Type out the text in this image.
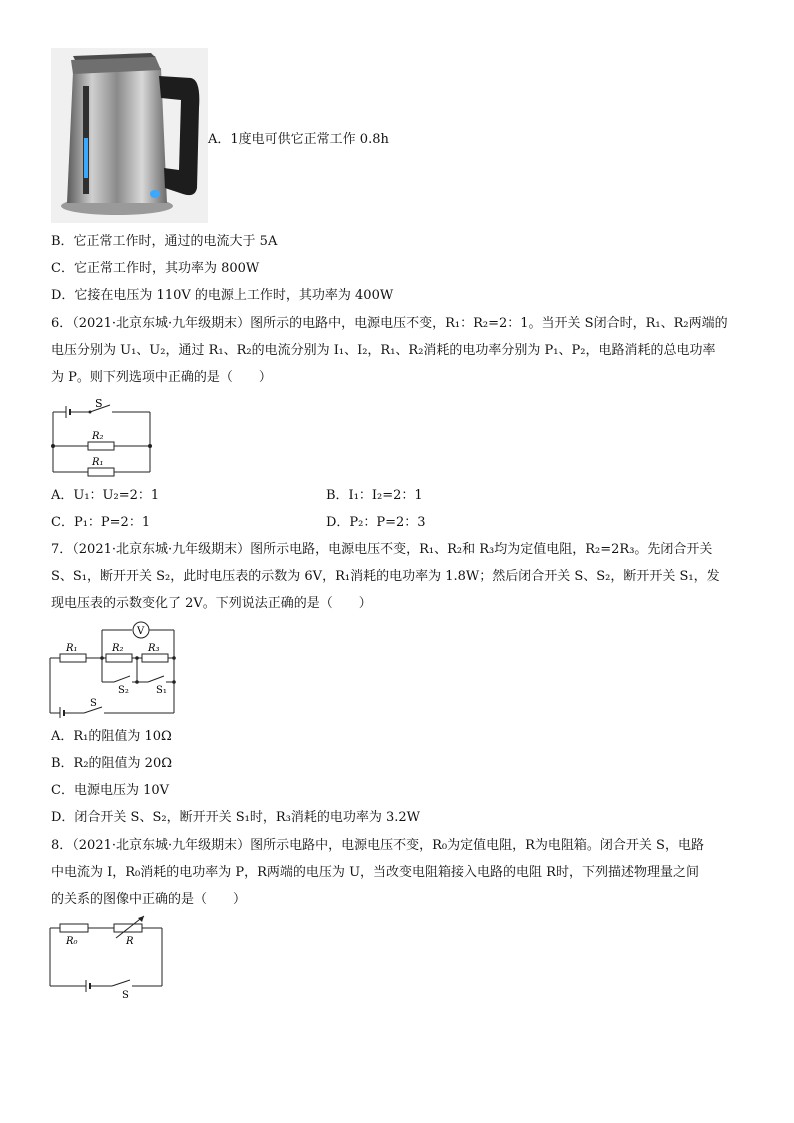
A．1度电可供它正常工作 0.8h
B．它正常工作时，通过的电流大于 5A
C．它正常工作时，其功率为 800W
D．它接在电压为 110V 的电源上工作时，其功率为 400W
6．（2021·北京东城·九年级期末）图所示的电路中，电源电压不变，R₁：R₂=2：1。当开关 S闭合时，R₁、R₂两端的
电压分别为 U₁、U₂，通过 R₁、R₂的电流分别为 I₁、I₂，R₁、R₂消耗的电功率分别为 P₁、P₂，电路消耗的总电功率
为 P。则下列选项中正确的是（　　）
S
R₂
R₁
A．U₁：U₂=2：1	B．I₁：I₂=2：1
C．P₁：P=2：1	D．P₂：P=2：3
7．（2021·北京东城·九年级期末）图所示电路，电源电压不变，R₁、R₂和 R₃均为定值电阻，R₂=2R₃。先闭合开关
S、S₁，断开开关 S₂，此时电压表的示数为 6V，R₁消耗的电功率为 1.8W；然后闭合开关 S、S₂，断开开关 S₁，发
现电压表的示数变化了 2V。下列说法正确的是（　　）
V
R₁	R₂ R₃
S₂	S₁
S
A．R₁的阻值为 10Ω
B．R₂的阻值为 20Ω
C．电源电压为 10V
D．闭合开关 S、S₂，断开开关 S₁时，R₃消耗的电功率为 3.2W
8．（2021·北京东城·九年级期末）图所示电路中，电源电压不变，R₀为定值电阻，R为电阻箱。闭合开关 S，电路
中电流为 I，R₀消耗的电功率为 P，R两端的电压为 U，当改变电阻箱接入电路的电阻 R时，下列描述物理量之间
的关系的图像中正确的是（　　）
R₀	R
S
